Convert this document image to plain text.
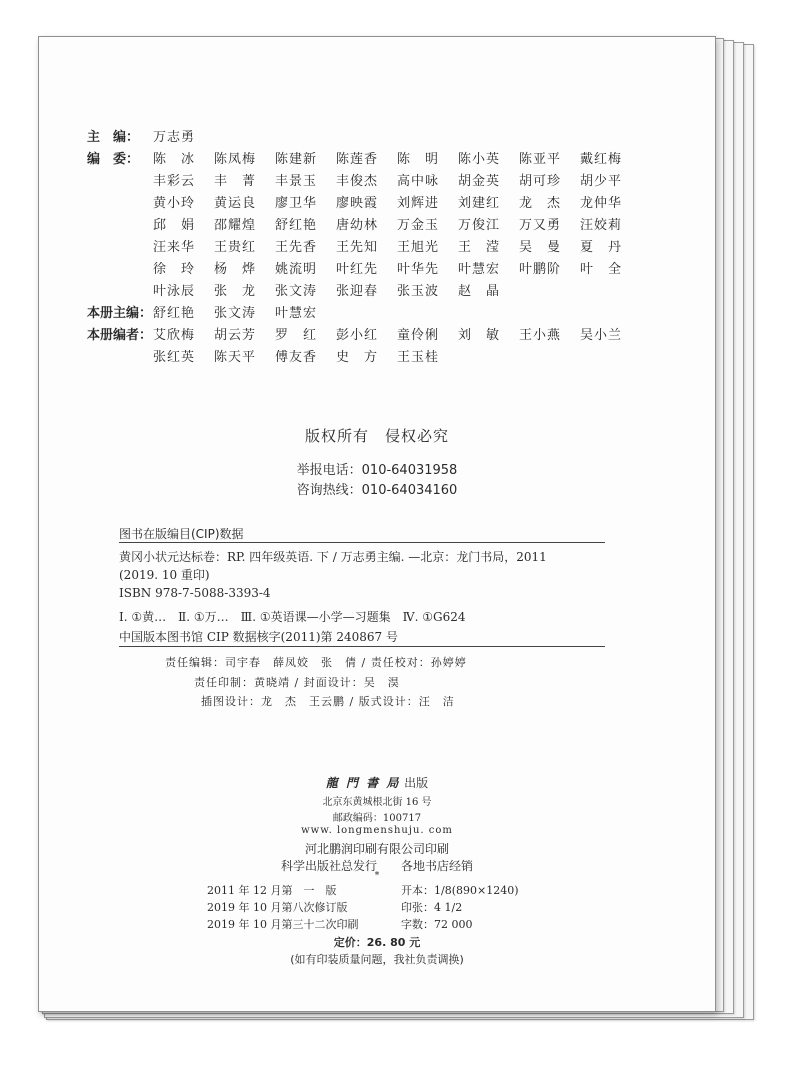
主　编： 万志勇
编　委： 陈　冰 陈凤梅 陈建新 陈莲香 陈　明 陈小英 陈亚平 戴红梅
丰彩云 丰　菁 丰景玉 丰俊杰 高中咏 胡金英 胡可珍 胡少平
黄小玲 黄运良 廖卫华 廖映霞 刘辉进 刘建红 龙　杰 龙仲华
邱　娟 邵耀煌 舒红艳 唐幼林 万金玉 万俊江 万又勇 汪姣莉
汪来华 王贵红 王先香 王先知 王旭光 王　滢 吴　曼 夏　丹
徐　玲 杨　烨 姚流明 叶红先 叶华先 叶慧宏 叶鹏阶 叶　全
叶泳辰 张　龙 张文涛 张迎春 张玉波 赵　晶
本册主编： 舒红艳 张文涛 叶慧宏
本册编者： 艾欣梅 胡云芳 罗　红 彭小红 童伶俐 刘　敏 王小燕 吴小兰
张红英 陈天平 傅友香 史　方 王玉桂
版权所有　侵权必究
举报电话：010-64031958
咨询热线：010-64034160
图书在版编目(CIP)数据
黄冈小状元达标卷：RP. 四年级英语. 下 / 万志勇主编. —北京：龙门书局，2011
(2019. 10 重印)
ISBN 978-7-5088-3393-4
Ⅰ. ①黄…　Ⅱ. ①万…　Ⅲ. ①英语课—小学—习题集　Ⅳ. ①G624
中国版本图书馆 CIP 数据核字(2011)第 240867 号
责任编辑：司宇春　薛凤姣　张　倩 / 责任校对：孙婷婷
责任印制：黄晓靖 / 封面设计：吴　淏
插图设计：龙　杰　王云鹏 / 版式设计：汪　洁
龍 門 書 局 出版
北京东黄城根北街 16 号
邮政编码：100717
www. longmenshuju. com
河北鹏润印刷有限公司印刷
科学出版社总发行　　各地书店经销
*
2011 年 12 月第　一　版	开本：1/8(890×1240)
2019 年 10 月第八次修订版	印张：4 1/2
2019 年 10 月第三十二次印刷	字数：72 000
定价：26. 80 元
(如有印装质量问题，我社负责调换)
